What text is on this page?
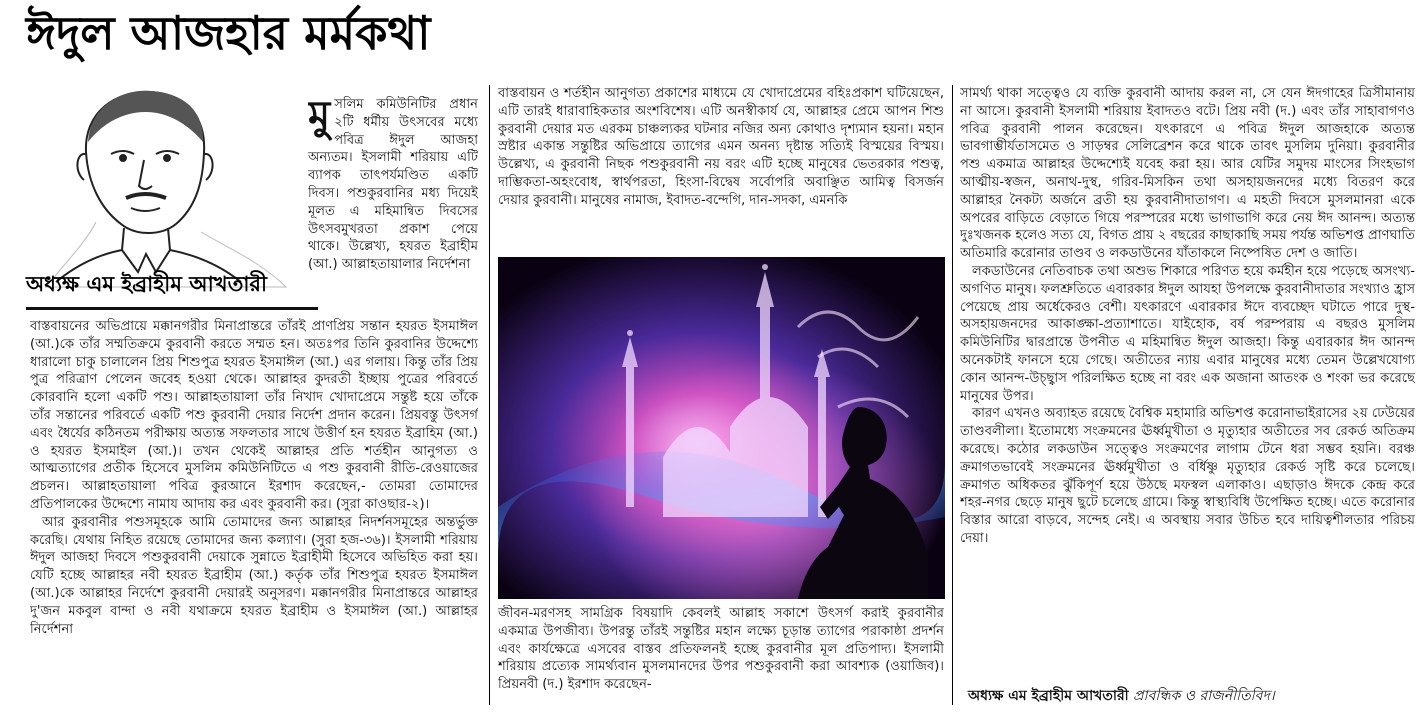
ঈদুল আজহার মর্মকথা
অধ্যক্ষ এম ইব্রাহীম আখতারী

মুসলিম কমিউনিটির প্রধান ২টি ধর্মীয় উৎসবের মধ্যে পবিত্র ঈদুল আজহা অন্যতম। ইসলামী শরিয়ায় এটি ব্যাপক তাৎপর্যমণ্ডিত একটি দিবস। পশুকুরবানির মধ্য দিয়েই মূলত এ মহিমান্বিত দিবসের উৎসবমুখরতা প্রকাশ পেয়ে থাকে। উল্লেখ্য, হযরত ইব্রাহীম (আ.) আল্লাহতায়ালার নির্দেশনা

বাস্তবায়নের অভিপ্রায়ে মক্কানগরীর মিনাপ্রান্তরে তাঁরই প্রাণপ্রিয় সন্তান হযরত ইসমাঈল (আ.)কে তাঁর সম্মতিক্রমে কুরবানী করতে সম্মত হন। অতঃপর তিনি কুরবানির উদ্দেশ্যে ধারালো চাকু চালালেন প্রিয় শিশুপুত্র হযরত ইসমাঈল (আ.) এর গলায়। কিন্তু তাঁর প্রিয় পুত্র পরিত্রাণ পেলেন জবেহ হওয়া থেকে। আল্লাহর কুদরতী ইচ্ছায় পুত্রের পরিবর্তে কোরবানি হলো একটি পশু। আল্লাহতায়ালা তাঁর নিখাদ খোদাপ্রেমে সন্তুষ্ট হয়ে তাঁকে তাঁর সন্তানের পরিবর্তে একটি পশু কুরবানী দেয়ার নির্দেশ প্রদান করেন। প্রিয়বস্তু উৎসর্গ এবং ধৈর্যের কঠিনতম পরীক্ষায় অত্যন্ত সফলতার সাথে উত্তীর্ণ হন হযরত ইব্রাহিম (আ.) ও হযরত ইসমাইল (আ.)। তখন থেকেই আল্লাহর প্রতি শর্তহীন আনুগত্য ও আত্মত্যাগের প্রতীক হিসেবে মুসলিম কমিউনিটিতে এ পশু কুরবানী রীতি-রেওয়াজের প্রচলন। আল্লাহতায়ালা পবিত্র কুরআনে ইরশাদ করেছেন,- তোমরা তোমাদের প্রতিপালকের উদ্দেশ্যে নামায আদায় কর এবং কুরবানী কর। (সুরা কাওছার-২)।

আর কুরবানীর পশুসমূহকে আমি তোমাদের জন্য আল্লাহর নিদর্শনসমূহের অন্তর্ভুক্ত করেছি। যেথায় নিহিত রয়েছে তোমাদের জন্য কল্যাণ। (সুরা হজ-৩৬)। ইসলামী শরিয়ায় ঈদুল আজহা দিবসে পশুকুরবানী দেয়াকে সুন্নাতে ইব্রাহীমী হিসেবে অভিহিত করা হয়। যেটি হচ্ছে আল্লাহর নবী হযরত ইব্রাহীম (আ.) কর্তৃক তাঁর শিশুপুত্র হযরত ইসমাঈল (আ.)কে আল্লাহর নির্দেশে কুরবানী দেয়ারই অনুসরণ। মক্কানগরীর মিনাপ্রান্তরে আল্লাহর দু'জন মকবুল বান্দা ও নবী যথাক্রমে হযরত ইব্রাহীম ও ইসমাঈল (আ.) আল্লাহর নির্দেশনা

বাস্তবায়ন ও শর্তহীন আনুগত্য প্রকাশের মাধ্যমে যে খোদাপ্রেমের বহিঃপ্রকাশ ঘটিয়েছেন, এটি তারই ধারাবাহিকতার অংশবিশেষ। এটি অনস্বীকার্য যে, আল্লাহর প্রেমে আপন শিশু কুরবানী দেয়ার মত এরকম চাঞ্চল্যকর ঘটনার নজির অন্য কোথাও দৃশ্যমান হয়না। মহান স্রষ্টার একান্ত সন্তুষ্টির অভিপ্রায়ে ত্যাগের এমন অনন্য দৃষ্টান্ত সত্যিই বিস্ময়ের বিস্ময়। উল্লেখ্য, এ কুরবানী নিছক পশুকুরবানী নয় বরং এটি হচ্ছে মানুষের ভেতরকার পশুত্ব, দাম্ভিকতা-অহংবোধ, স্বার্থপরতা, হিংসা-বিদ্বেষ সর্বোপরি অবাঞ্ছিত আমিত্ব বিসর্জন দেয়ার কুরবানী। মানুষের নামাজ, ইবাদত-বন্দেগি, দান-সদকা, এমনকি

জীবন-মরণসহ সামগ্রিক বিষয়াদি কেবলই আল্লাহ সকাশে উৎসর্গ করাই কুরবানীর একমাত্র উপজীব্য। উপরন্তু তাঁরই সন্তুষ্টির মহান লক্ষ্যে চূড়ান্ত ত্যাগের পরাকাষ্ঠা প্রদর্শন এবং কার্যক্ষেত্রে এসবের বাস্তব প্রতিফলনই হচ্ছে কুরবানীর মূল প্রতিপাদ্য। ইসলামী শরিয়ায় প্রত্যেক সামর্থ্যবান মুসলমানদের উপর পশুকুরবানী করা আবশ্যক (ওয়াজিব)। প্রিয়নবী (দ.) ইরশাদ করেছেন-

সামর্থ্য থাকা সত্ত্বেও যে ব্যক্তি কুরবানী আদায় করল না, সে যেন ঈদগাহের ত্রিসীমানায় না আসে। কুরবানী ইসলামী শরিয়ায় ইবাদতও বটে। প্রিয় নবী (দ.) এবং তাঁর সাহাবাগণও পবিত্র কুরবানী পালন করেছেন। যৎকারণে এ পবিত্র ঈদুল আজহাকে অত্যন্ত ভাবগাম্ভীর্যতাসমেত ও সাড়ম্বর সেলিব্রেশন করে থাকে তাবৎ মুসলিম দুনিয়া। কুরবানীর পশু একমাত্র আল্লাহর উদ্দেশ্যেই যবেহ করা হয়। আর যেটির সমুদয় মাংসের সিংহভাগ আত্মীয়-স্বজন, অনাথ-দুস্থ, গরিব-মিসকিন তথা অসহায়জনদের মধ্যে বিতরণ করে আল্লাহর নৈকট্য অর্জনে ব্রতী হয় কুরবানীদাতাগণ। এ মহতী দিবসে মুসলমানরা একে অপরের বাড়িতে বেড়াতে গিয়ে পরস্পরের মধ্যে ভাগাভাগি করে নেয় ঈদ আনন্দ। অত্যন্ত দুঃখজনক হলেও সত্য যে, বিগত প্রায় ২ বছরের কাছাকাছি সময় পর্যন্ত অভিশপ্ত প্রাণঘাতি অতিমারি করোনার তাণ্ডব ও লকডাউনের যাঁতাকলে নিষ্পেষিত দেশ ও জাতি।

লকডাউনের নেতিবাচক তথা অশুভ শিকারে পরিণত হয়ে কর্মহীন হয়ে পড়েছে অসংখ্য-অগণিত মানুষ। ফলশ্রুতিতে এবারকার ঈদুল আযহা উপলক্ষে কুরবানীদাতার সংখ্যাও হ্রাস পেয়েছে প্রায় অর্ধেকেরও বেশী। যৎকারণে এবারকার ঈদে ব্যবচ্ছেদ ঘটাতে পারে দুস্থ-অসহায়জনদের আকাঙ্ক্ষা-প্রত্যাশাতে। যাইহোক, বর্ষ পরম্পরায় এ বছরও মুসলিম কমিউনিটির দ্বারপ্রান্তে উপনীত এ মহিমান্বিত ঈদুল আজহা। কিন্তু এবারকার ঈদ আনন্দ অনেকটাই ফানসে হয়ে গেছে। অতীতের ন্যায় এবার মানুষের মধ্যে তেমন উল্লেখযোগ্য কোন আনন্দ-উচ্ছ্বাস পরিলক্ষিত হচ্ছে না বরং এক অজানা আতংক ও শংকা ভর করেছে মানুষের উপর।

কারণ এখনও অব্যাহত রয়েছে বৈশ্বিক মহামারি অভিশপ্ত করোনাভাইরাসের ২য় ঢেউয়ের তাণ্ডবলীলা। ইতোমধ্যে সংক্রমনের ঊর্ধ্বমুখীতা ও মৃত্যুহার অতীতের সব রেকর্ড অতিক্রম করেছে। কঠোর লকডাউন সত্ত্বেও সংক্রমণের লাগাম টেনে ধরা সম্ভব হয়নি। বরঞ্চ ক্রমাগতভাবেই সংক্রমনের ঊর্ধ্বমুখীতা ও বর্ধিষ্ণু মৃত্যুহার রেকর্ড সৃষ্টি করে চলেছে। ক্রমাগত অধিকতর ঝুঁকিপূর্ণ হয়ে উঠছে মফস্বল এলাকাও। এছাড়াও ঈদকে কেন্দ্র করে শহর-নগর ছেড়ে মানুষ ছুটে চলেছে গ্রামে। কিন্তু স্বাস্থ্যবিধি উপেক্ষিত হচ্ছে। এতে করোনার বিস্তার আরো বাড়বে, সন্দেহ নেই। এ অবস্থায় সবার উচিত হবে দায়িত্বশীলতার পরিচয় দেয়া।

অধ্যক্ষ এম ইব্রাহীম আখতারী প্রাবন্ধিক ও রাজনীতিবিদ।
